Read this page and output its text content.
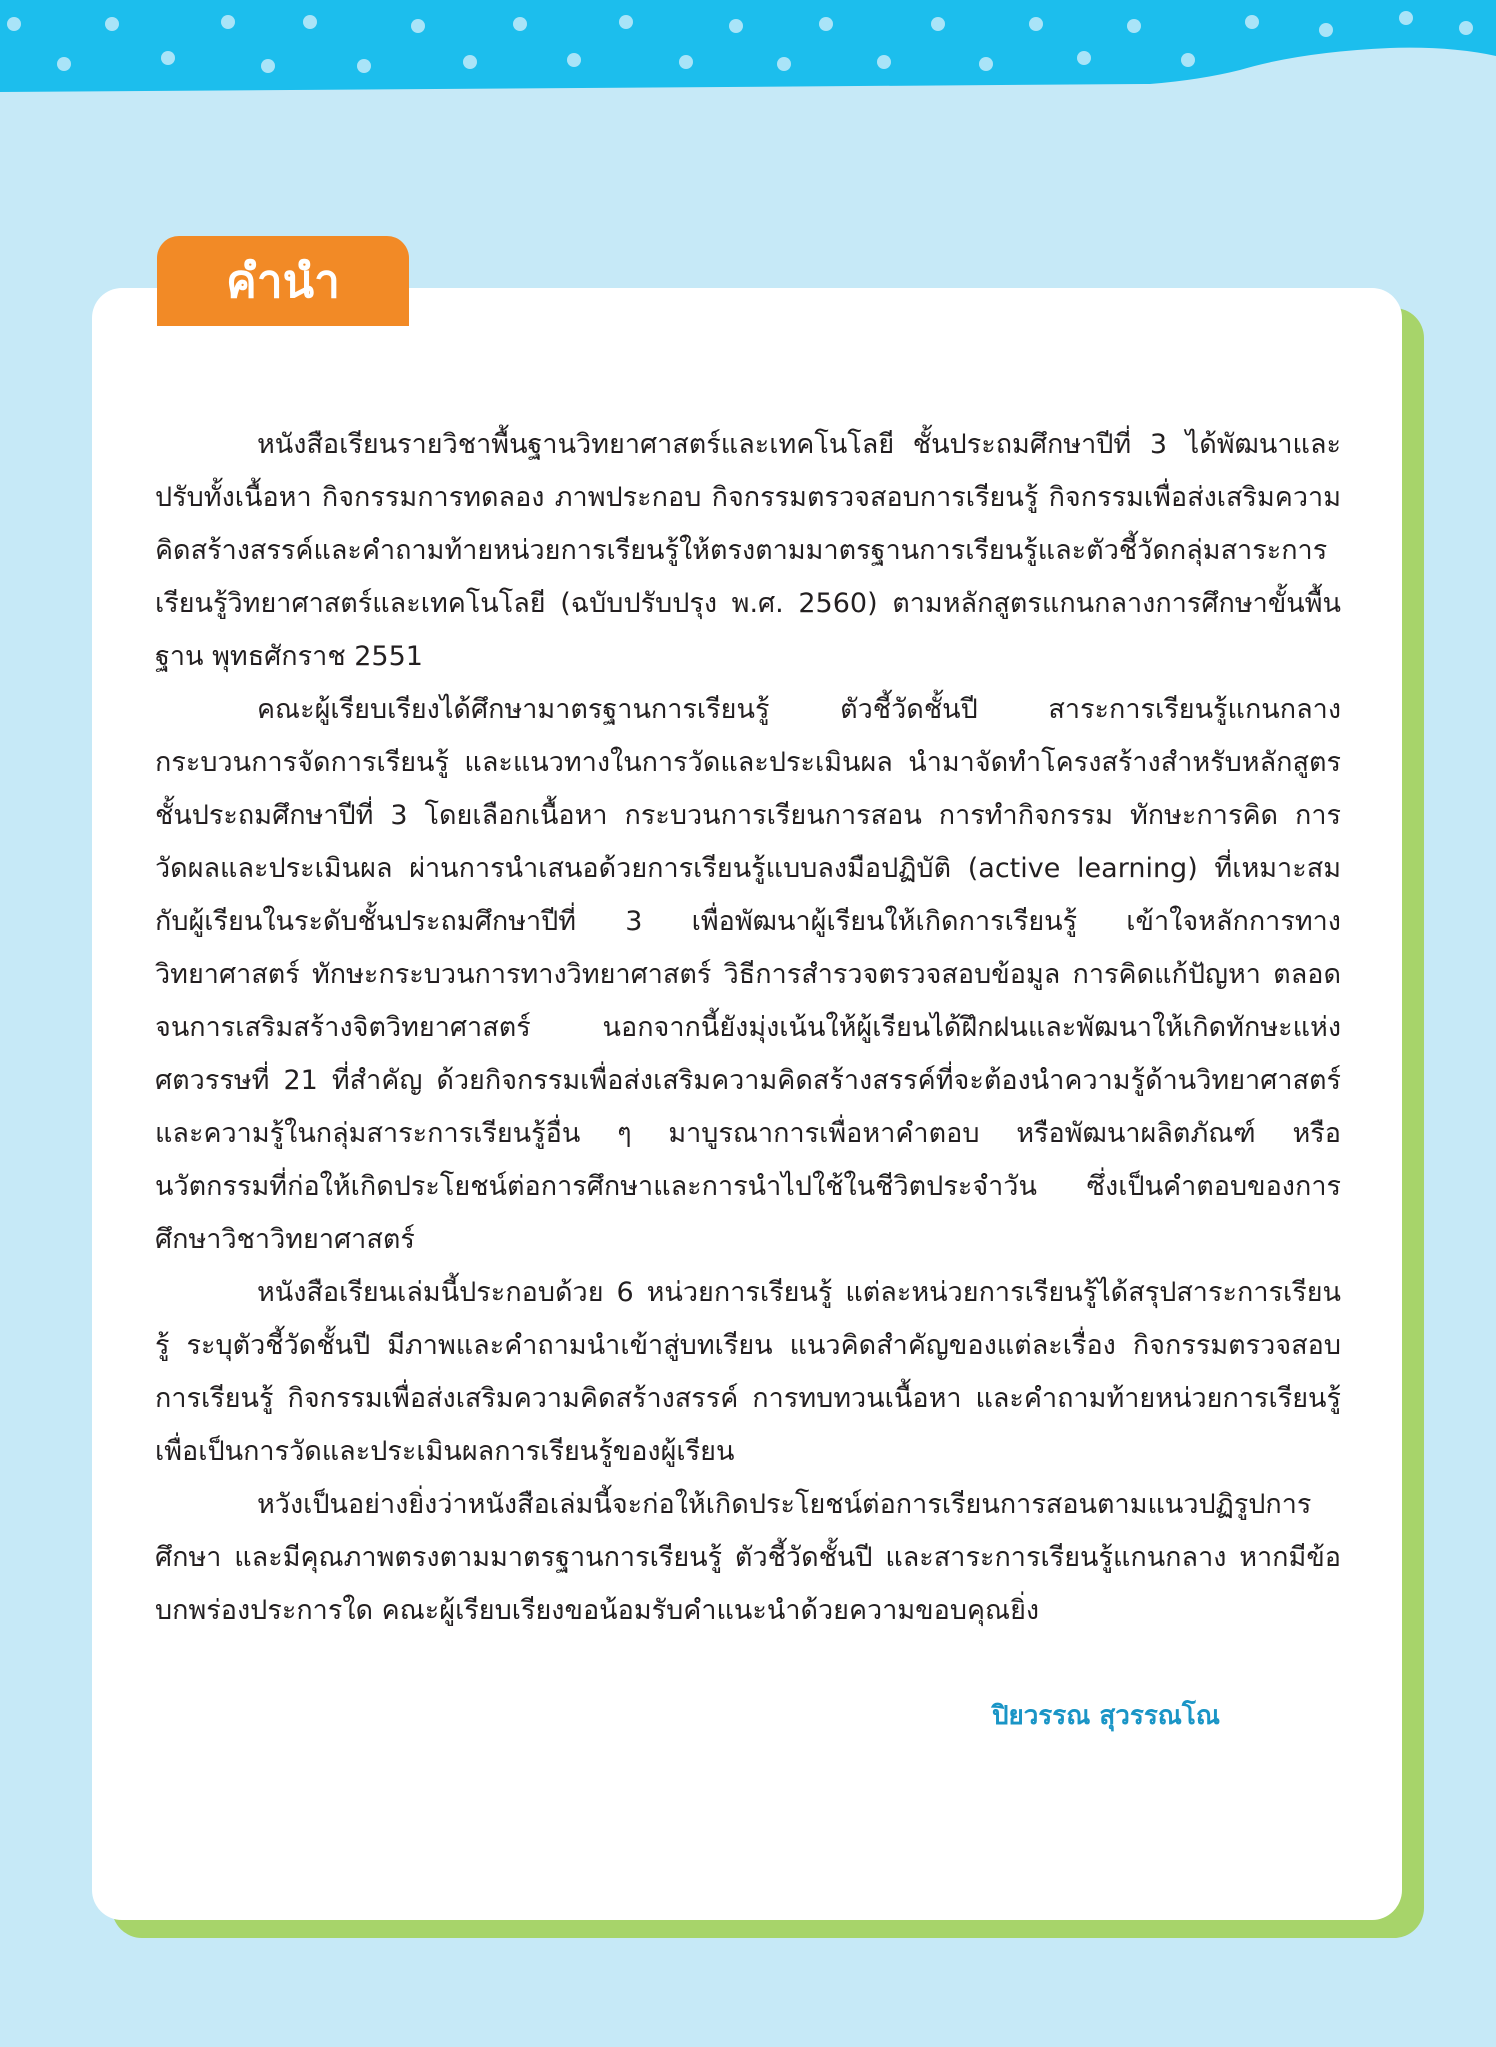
คำนำ

หนังสือเรียนรายวิชาพื้นฐานวิทยาศาสตร์และเทคโนโลยี ชั้นประถมศึกษาปีที่ 3 ได้พัฒนาและปรับทั้งเนื้อหา กิจกรรมการทดลอง ภาพประกอบ กิจกรรมตรวจสอบการเรียนรู้ กิจกรรมเพื่อส่งเสริมความคิดสร้างสรรค์และคำถามท้ายหน่วยการเรียนรู้ให้ตรงตามมาตรฐานการเรียนรู้และตัวชี้วัดกลุ่มสาระการเรียนรู้วิทยาศาสตร์และเทคโนโลยี (ฉบับปรับปรุง พ.ศ. 2560) ตามหลักสูตรแกนกลางการศึกษาขั้นพื้นฐาน พุทธศักราช 2551

คณะผู้เรียบเรียงได้ศึกษามาตรฐานการเรียนรู้ ตัวชี้วัดชั้นปี สาระการเรียนรู้แกนกลาง กระบวนการจัดการเรียนรู้ และแนวทางในการวัดและประเมินผล นำมาจัดทำโครงสร้างสำหรับหลักสูตรชั้นประถมศึกษาปีที่ 3 โดยเลือกเนื้อหา กระบวนการเรียนการสอน การทำกิจกรรม ทักษะการคิด การวัดผลและประเมินผล ผ่านการนำเสนอด้วยการเรียนรู้แบบลงมือปฏิบัติ (active learning) ที่เหมาะสมกับผู้เรียนในระดับชั้นประถมศึกษาปีที่ 3 เพื่อพัฒนาผู้เรียนให้เกิดการเรียนรู้ เข้าใจหลักการทางวิทยาศาสตร์ ทักษะกระบวนการทางวิทยาศาสตร์ วิธีการสำรวจตรวจสอบข้อมูล การคิดแก้ปัญหา ตลอดจนการเสริมสร้างจิตวิทยาศาสตร์ นอกจากนี้ยังมุ่งเน้นให้ผู้เรียนได้ฝึกฝนและพัฒนาให้เกิดทักษะแห่งศตวรรษที่ 21 ที่สำคัญ ด้วยกิจกรรมเพื่อส่งเสริมความคิดสร้างสรรค์ที่จะต้องนำความรู้ด้านวิทยาศาสตร์ และความรู้ในกลุ่มสาระการเรียนรู้อื่น ๆ มาบูรณาการเพื่อหาคำตอบ หรือพัฒนาผลิตภัณฑ์ หรือนวัตกรรมที่ก่อให้เกิดประโยชน์ต่อการศึกษาและการนำไปใช้ในชีวิตประจำวัน ซึ่งเป็นคำตอบของการศึกษาวิชาวิทยาศาสตร์

หนังสือเรียนเล่มนี้ประกอบด้วย 6 หน่วยการเรียนรู้ แต่ละหน่วยการเรียนรู้ได้สรุปสาระการเรียนรู้ ระบุตัวชี้วัดชั้นปี มีภาพและคำถามนำเข้าสู่บทเรียน แนวคิดสำคัญของแต่ละเรื่อง กิจกรรมตรวจสอบการเรียนรู้ กิจกรรมเพื่อส่งเสริมความคิดสร้างสรรค์ การทบทวนเนื้อหา และคำถามท้ายหน่วยการเรียนรู้เพื่อเป็นการวัดและประเมินผลการเรียนรู้ของผู้เรียน

หวังเป็นอย่างยิ่งว่าหนังสือเล่มนี้จะก่อให้เกิดประโยชน์ต่อการเรียนการสอนตามแนวปฏิรูปการศึกษา และมีคุณภาพตรงตามมาตรฐานการเรียนรู้ ตัวชี้วัดชั้นปี และสาระการเรียนรู้แกนกลาง หากมีข้อบกพร่องประการใด คณะผู้เรียบเรียงขอน้อมรับคำแนะนำด้วยความขอบคุณยิ่ง

ปิยวรรณ สุวรรณโณ
